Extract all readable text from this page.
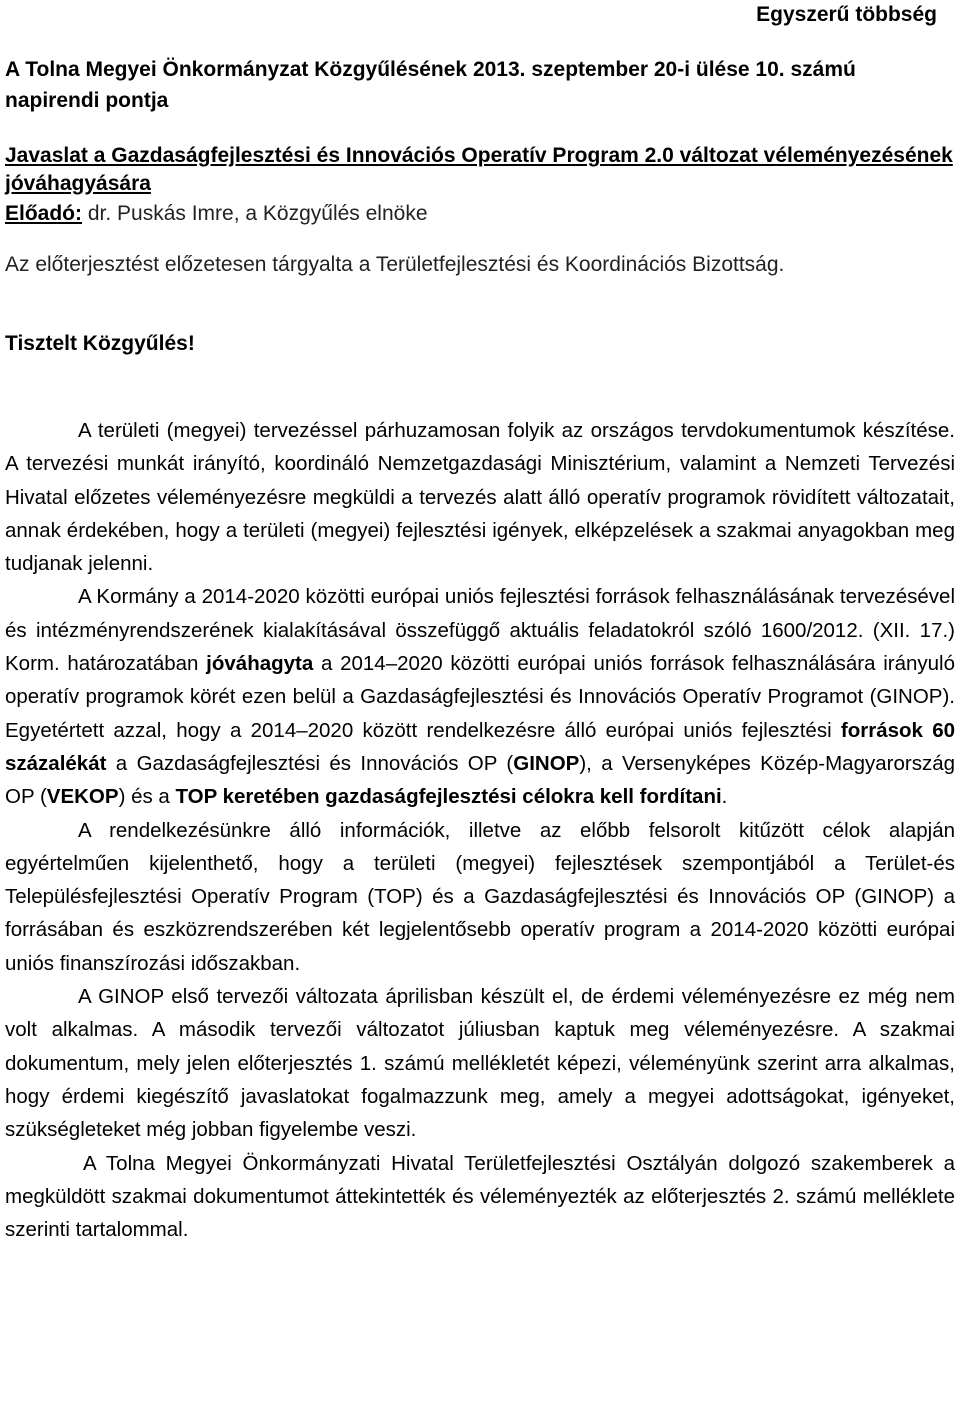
Egyszerű többség
A Tolna Megyei Önkormányzat Közgyűlésének 2013. szeptember 20-i ülése 10. számú napirendi pontja
Javaslat a Gazdaságfejlesztési és Innovációs Operatív Program 2.0 változat véleményezésének jóváhagyására
Előadó: dr. Puskás Imre, a Közgyűlés elnöke
Az előterjesztést előzetesen tárgyalta a Területfejlesztési és Koordinációs Bizottság.
Tisztelt Közgyűlés!

A területi (megyei) tervezéssel párhuzamosan folyik az országos tervdokumentumok készítése. A tervezési munkát irányító, koordináló Nemzetgazdasági Minisztérium, valamint a Nemzeti Tervezési Hivatal előzetes véleményezésre megküldi a tervezés alatt álló operatív programok rövidített változatait, annak érdekében, hogy a területi (megyei) fejlesztési igények, elképzelések a szakmai anyagokban meg tudjanak jelenni.

A Kormány a 2014-2020 közötti európai uniós fejlesztési források felhasználásának tervezésével és intézményrendszerének kialakításával összefüggő aktuális feladatokról szóló 1600/2012. (XII. 17.) Korm. határozatában jóváhagyta a 2014–2020 közötti európai uniós források felhasználására irányuló operatív programok körét ezen belül a Gazdaságfejlesztési és Innovációs Operatív Programot (GINOP). Egyetértett azzal, hogy a 2014–2020 között rendelkezésre álló európai uniós fejlesztési források 60 százalékát a Gazdaságfejlesztési és Innovációs OP (GINOP), a Versenyképes Közép-Magyarország OP (VEKOP) és a TOP keretében gazdaságfejlesztési célokra kell fordítani.

A rendelkezésünkre álló információk, illetve az előbb felsorolt kitűzött célok alapján egyértelműen kijelenthető, hogy a területi (megyei) fejlesztések szempontjából a Terület-és Településfejlesztési Operatív Program (TOP) és a Gazdaságfejlesztési és Innovációs OP (GINOP) a forrásában és eszközrendszerében két legjelentősebb operatív program a 2014-2020 közötti európai uniós finanszírozási időszakban.

A GINOP első tervezői változata áprilisban készült el, de érdemi véleményezésre ez még nem volt alkalmas. A második tervezői változatot júliusban kaptuk meg véleményezésre. A szakmai dokumentum, mely jelen előterjesztés 1. számú mellékletét képezi, véleményünk szerint arra alkalmas, hogy érdemi kiegészítő javaslatokat fogalmazzunk meg, amely a megyei adottságokat, igényeket, szükségleteket még jobban figyelembe veszi.

A Tolna Megyei Önkormányzati Hivatal Területfejlesztési Osztályán dolgozó szakemberek a megküldött szakmai dokumentumot áttekintették és véleményezték az előterjesztés 2. számú melléklete szerinti tartalommal.
